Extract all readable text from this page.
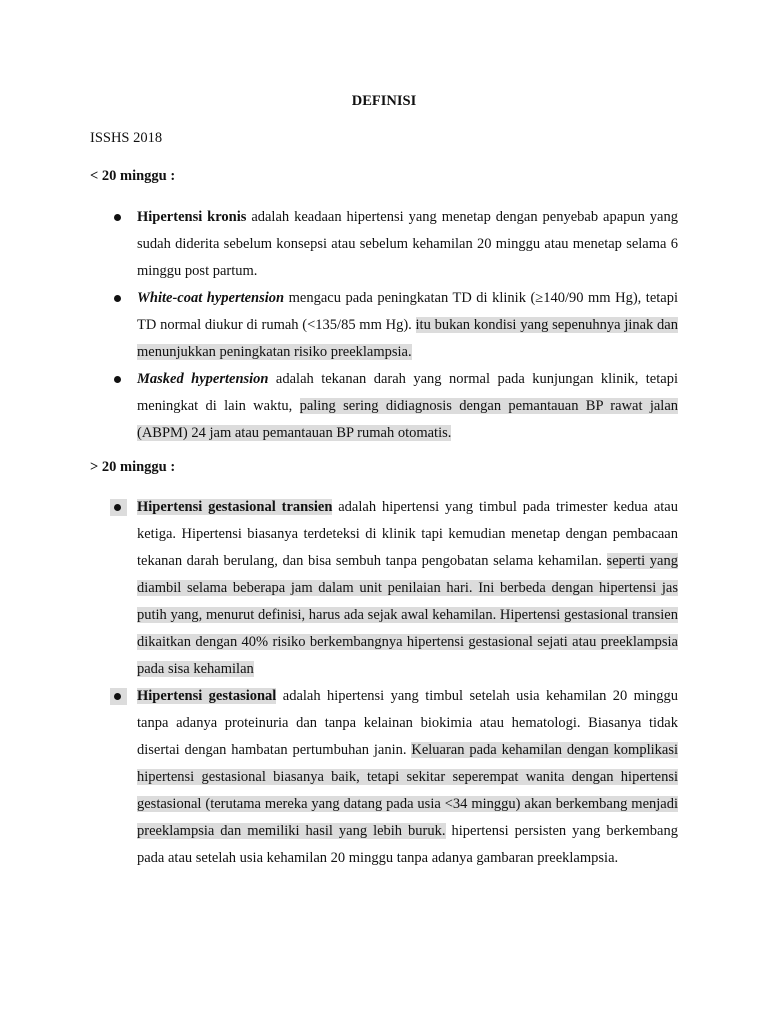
DEFINISI
ISSHS 2018
< 20 minggu :
Hipertensi kronis adalah keadaan hipertensi yang menetap dengan penyebab apapun yang sudah diderita sebelum konsepsi atau sebelum kehamilan 20 minggu atau menetap selama 6 minggu post partum.
White-coat hypertension mengacu pada peningkatan TD di klinik (≥140/90 mm Hg), tetapi TD normal diukur di rumah (<135/85 mm Hg). itu bukan kondisi yang sepenuhnya jinak dan menunjukkan peningkatan risiko preeklampsia.
Masked hypertension adalah tekanan darah yang normal pada kunjungan klinik, tetapi meningkat di lain waktu, paling sering didiagnosis dengan pemantauan BP rawat jalan (ABPM) 24 jam atau pemantauan BP rumah otomatis.
> 20 minggu :
Hipertensi gestasional transien adalah hipertensi yang timbul pada trimester kedua atau ketiga. Hipertensi biasanya terdeteksi di klinik tapi kemudian menetap dengan pembacaan tekanan darah berulang, dan bisa sembuh tanpa pengobatan selama kehamilan. seperti yang diambil selama beberapa jam dalam unit penilaian hari. Ini berbeda dengan hipertensi jas putih yang, menurut definisi, harus ada sejak awal kehamilan. Hipertensi gestasional transien dikaitkan dengan 40% risiko berkembangnya hipertensi gestasional sejati atau preeklampsia pada sisa kehamilan
Hipertensi gestasional adalah hipertensi yang timbul setelah usia kehamilan 20 minggu tanpa adanya proteinuria dan tanpa kelainan biokimia atau hematologi. Biasanya tidak disertai dengan hambatan pertumbuhan janin. Keluaran pada kehamilan dengan komplikasi hipertensi gestasional biasanya baik, tetapi sekitar seperempat wanita dengan hipertensi gestasional (terutama mereka yang datang pada usia <34 minggu) akan berkembang menjadi preeklampsia dan memiliki hasil yang lebih buruk. hipertensi persisten yang berkembang pada atau setelah usia kehamilan 20 minggu tanpa adanya gambaran preeklampsia.
